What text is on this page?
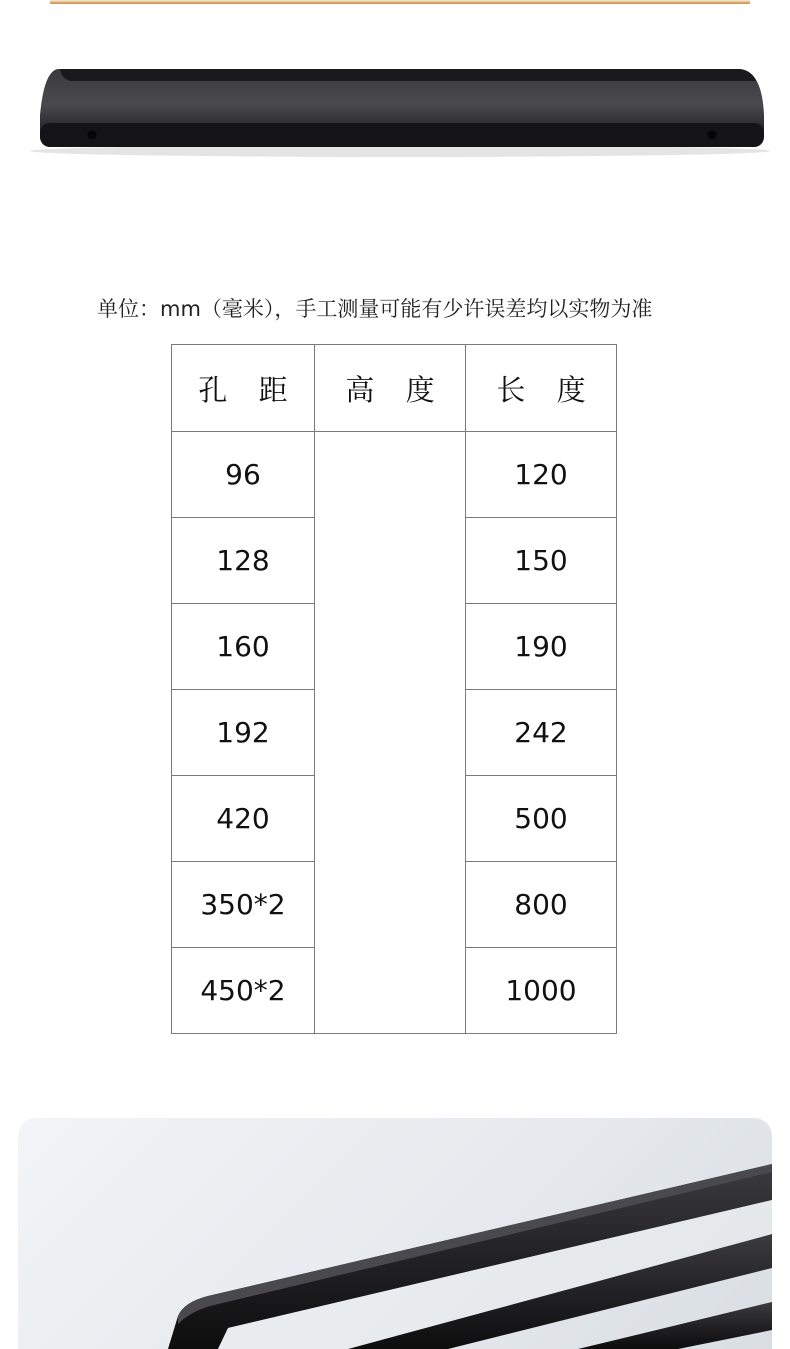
单位：mm（毫米），手工测量可能有少许误差均以实物为准
孔 距	高 度	长 度
96		120
128		150
160		190
192		242
420		500
350*2		800
450*2		1000
